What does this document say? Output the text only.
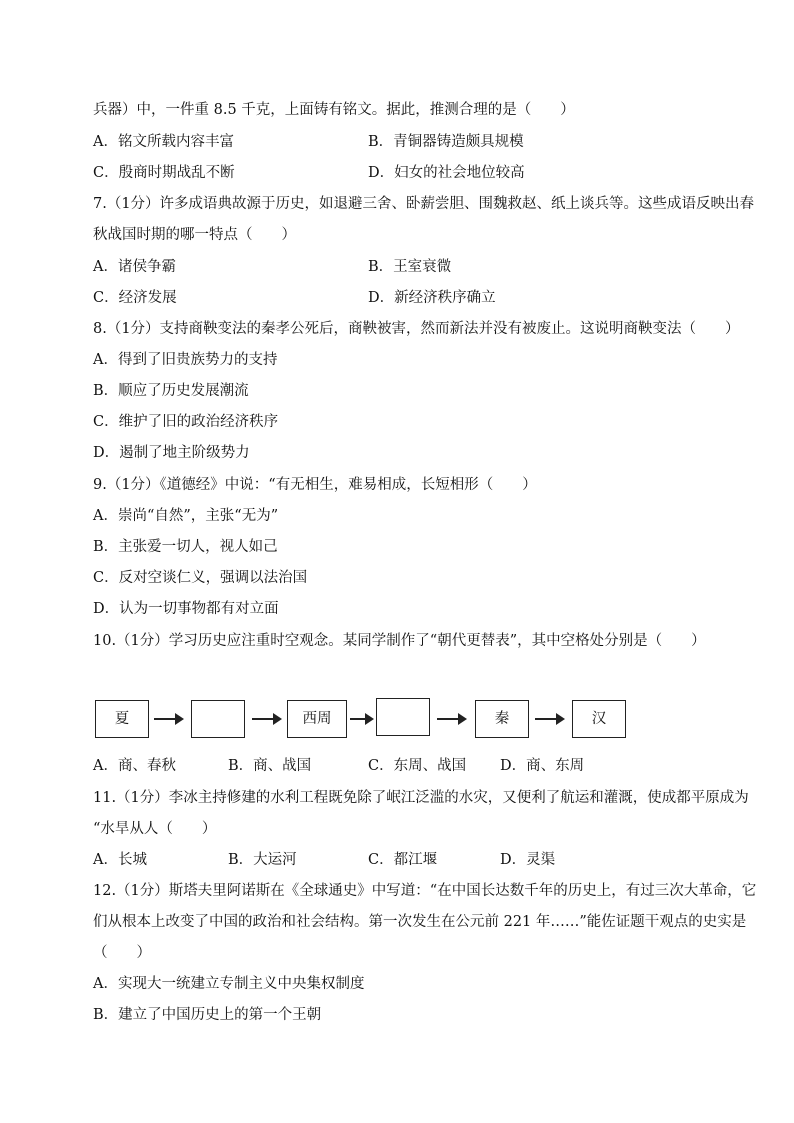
兵器）中，一件重 8.5 千克，上面铸有铭文。据此，推测合理的是（　　）
A．铭文所载内容丰富	B．青铜器铸造颇具规模
C．殷商时期战乱不断	D．妇女的社会地位较高
7.（1分）许多成语典故源于历史，如退避三舍、卧薪尝胆、围魏救赵、纸上谈兵等。这些成语反映出春
秋战国时期的哪一特点（　　）
A．诸侯争霸	B．王室衰微
C．经济发展	D．新经济秩序确立
8.（1分）支持商鞅变法的秦孝公死后，商鞅被害，然而新法并没有被废止。这说明商鞅变法（　　）
A．得到了旧贵族势力的支持
B．顺应了历史发展潮流
C．维护了旧的政治经济秩序
D．遏制了地主阶级势力
9.（1分）《道德经》中说：“有无相生，难易相成，长短相形（　　）
A．崇尚“自然”，主张“无为”
B．主张爱一切人，视人如己
C．反对空谈仁义，强调以法治国
D．认为一切事物都有对立面
10.（1分）学习历史应注重时空观念。某同学制作了“朝代更替表”，其中空格处分别是（　　）
夏	西周	秦	汉
A．商、春秋	B．商、战国	C．东周、战国 D．商、东周
11.（1分）李冰主持修建的水利工程既免除了岷江泛滥的水灾，又便利了航运和灌溉，使成都平原成为
“水旱从人（　　）
A．长城	B．大运河	C．都江堰	D．灵渠
12.（1分）斯塔夫里阿诺斯在《全球通史》中写道：“在中国长达数千年的历史上，有过三次大革命，它
们从根本上改变了中国的政治和社会结构。第一次发生在公元前 221 年……”能佐证题干观点的史实是
（　　）
A．实现大一统建立专制主义中央集权制度
B．建立了中国历史上的第一个王朝
